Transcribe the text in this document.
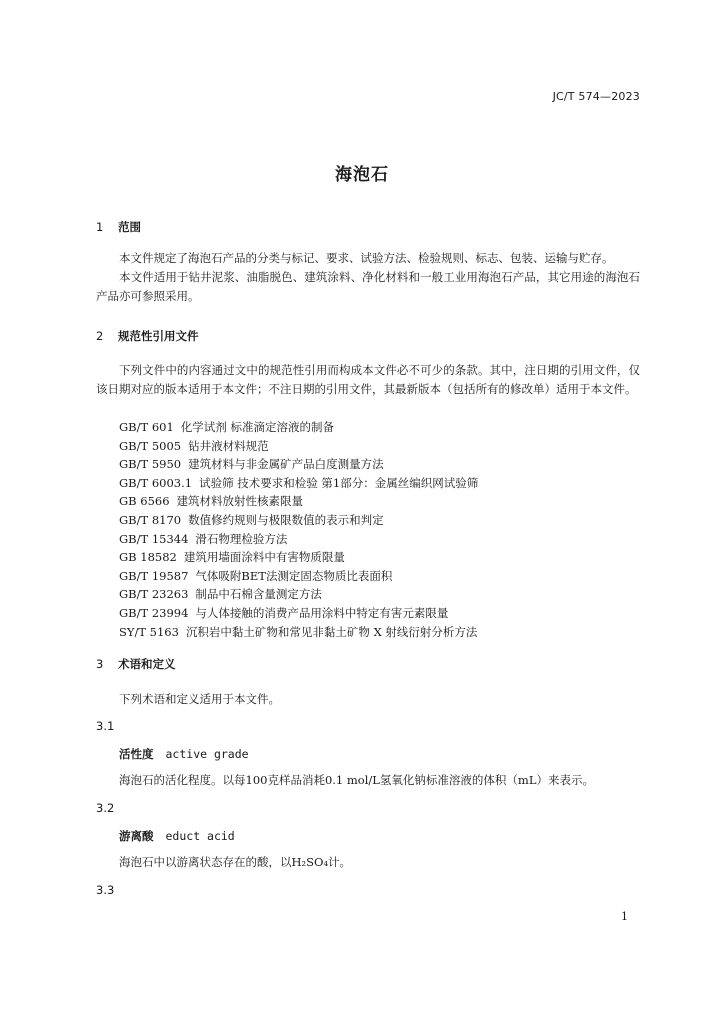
JC/T 574—2023
海泡石
1 范围
本文件规定了海泡石产品的分类与标记、要求、试验方法、检验规则、标志、包装、运输与贮存。
本文件适用于钻井泥浆、油脂脱色、建筑涂料、净化材料和一般工业用海泡石产品，其它用途的海泡石产品亦可参照采用。
2 规范性引用文件
下列文件中的内容通过文中的规范性引用而构成本文件必不可少的条款。其中，注日期的引用文件，仅该日期对应的版本适用于本文件；不注日期的引用文件，其最新版本（包括所有的修改单）适用于本文件。
GB/T 601 化学试剂 标准滴定溶液的制备
GB/T 5005 钻井液材料规范
GB/T 5950 建筑材料与非金属矿产品白度测量方法
GB/T 6003.1 试验筛 技术要求和检验 第1部分：金属丝编织网试验筛
GB 6566 建筑材料放射性核素限量
GB/T 8170 数值修约规则与极限数值的表示和判定
GB/T 15344 滑石物理检验方法
GB 18582 建筑用墙面涂料中有害物质限量
GB/T 19587 气体吸附BET法测定固态物质比表面积
GB/T 23263 制品中石棉含量测定方法
GB/T 23994 与人体接触的消费产品用涂料中特定有害元素限量
SY/T 5163 沉积岩中黏土矿物和常见非黏土矿物 X 射线衍射分析方法
3 术语和定义
下列术语和定义适用于本文件。
3.1
活性度 active grade
海泡石的活化程度。以每100克样品消耗0.1 mol/L氢氧化钠标准溶液的体积（mL）来表示。
3.2
游离酸 educt acid
海泡石中以游离状态存在的酸，以H₂SO₄计。
3.3
1
